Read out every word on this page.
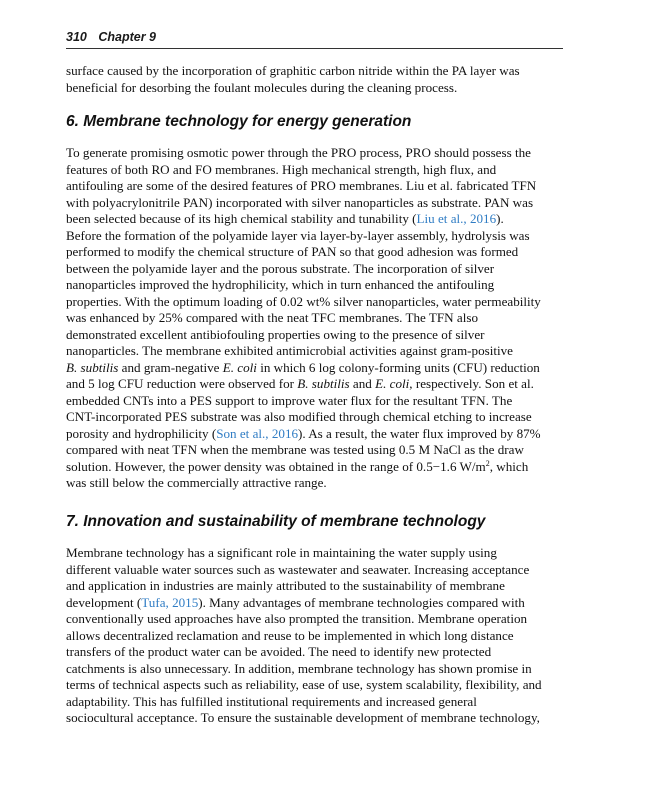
310 Chapter 9
surface caused by the incorporation of graphitic carbon nitride within the PA layer was
beneficial for desorbing the foulant molecules during the cleaning process.
6. Membrane technology for energy generation
To generate promising osmotic power through the PRO process, PRO should possess the
features of both RO and FO membranes. High mechanical strength, high flux, and
antifouling are some of the desired features of PRO membranes. Liu et al. fabricated TFN
with polyacrylonitrile PAN) incorporated with silver nanoparticles as substrate. PAN was
been selected because of its high chemical stability and tunability (Liu et al., 2016).
Before the formation of the polyamide layer via layer-by-layer assembly, hydrolysis was
performed to modify the chemical structure of PAN so that good adhesion was formed
between the polyamide layer and the porous substrate. The incorporation of silver
nanoparticles improved the hydrophilicity, which in turn enhanced the antifouling
properties. With the optimum loading of 0.02 wt% silver nanoparticles, water permeability
was enhanced by 25% compared with the neat TFC membranes. The TFN also
demonstrated excellent antibiofouling properties owing to the presence of silver
nanoparticles. The membrane exhibited antimicrobial activities against gram-positive
B. subtilis and gram-negative E. coli in which 6 log colony-forming units (CFU) reduction
and 5 log CFU reduction were observed for B. subtilis and E. coli, respectively. Son et al.
embedded CNTs into a PES support to improve water flux for the resultant TFN. The
CNT-incorporated PES substrate was also modified through chemical etching to increase
porosity and hydrophilicity (Son et al., 2016). As a result, the water flux improved by 87%
compared with neat TFN when the membrane was tested using 0.5 M NaCl as the draw
solution. However, the power density was obtained in the range of 0.5−1.6 $W/m^2$, which
was still below the commercially attractive range.
7. Innovation and sustainability of membrane technology
Membrane technology has a significant role in maintaining the water supply using
different valuable water sources such as wastewater and seawater. Increasing acceptance
and application in industries are mainly attributed to the sustainability of membrane
development (Tufa, 2015). Many advantages of membrane technologies compared with
conventionally used approaches have also prompted the transition. Membrane operation
allows decentralized reclamation and reuse to be implemented in which long distance
transfers of the product water can be avoided. The need to identify new protected
catchments is also unnecessary. In addition, membrane technology has shown promise in
terms of technical aspects such as reliability, ease of use, system scalability, flexibility, and
adaptability. This has fulfilled institutional requirements and increased general
sociocultural acceptance. To ensure the sustainable development of membrane technology,
